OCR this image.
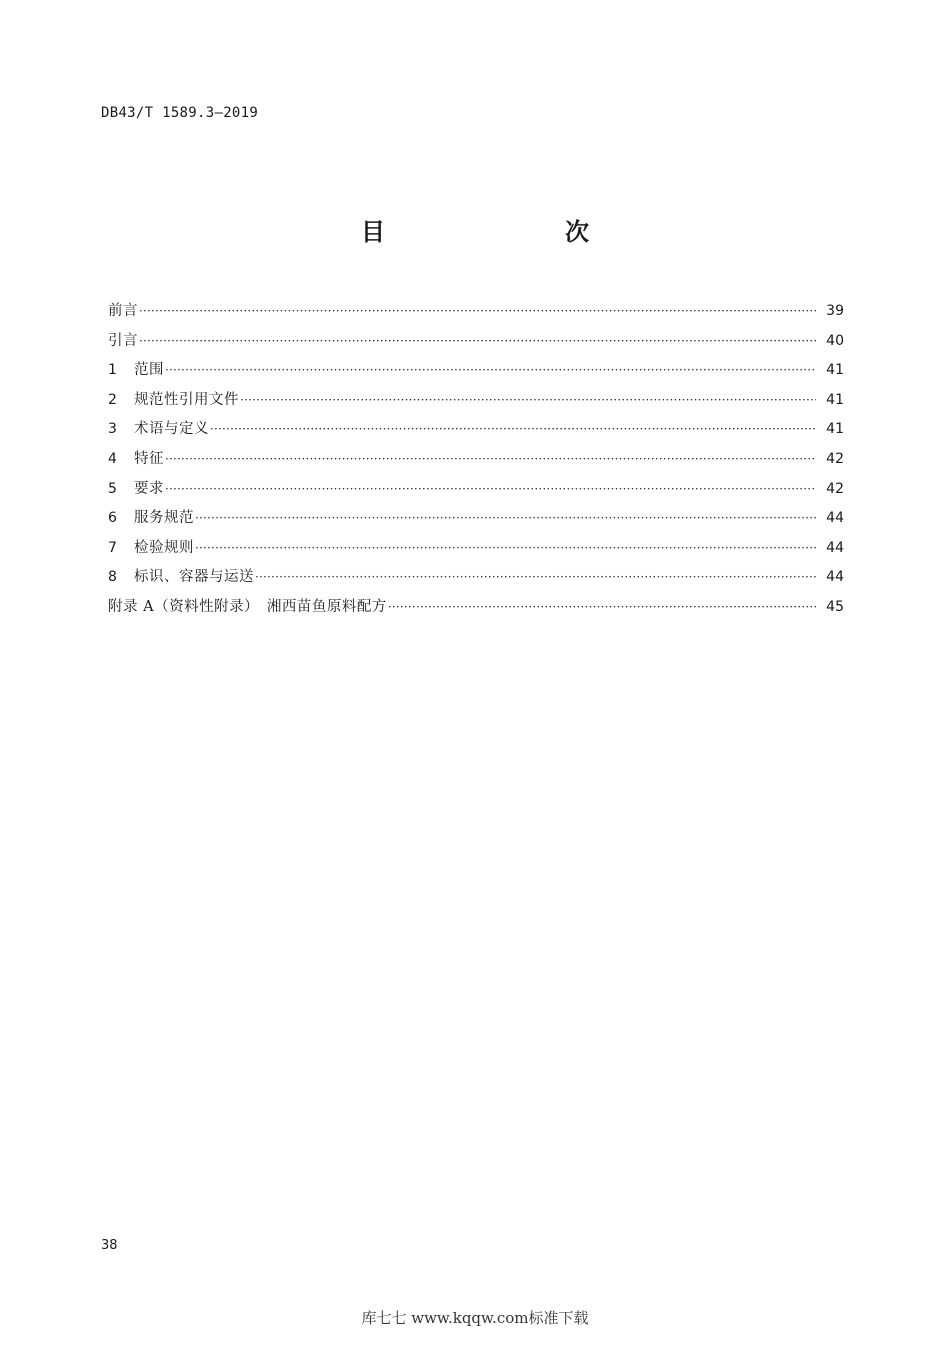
DB43/T 1589.3—2019
目　　次
前言 ·····	39
引言 ·····	40
1	范围 ·····	41
2	规范性引用文件 ·····	41
3	术语与定义 ·····	41
4	特征 ·····	42
5	要求 ·····	42
6	服务规范 ·····	44
7	检验规则 ·····	44
8	标识、容器与运送 ·····	44
附录 A（资料性附录）　湘西苗鱼原料配方 ·····	45
38
库七七 www.kqqw.com标准下载
